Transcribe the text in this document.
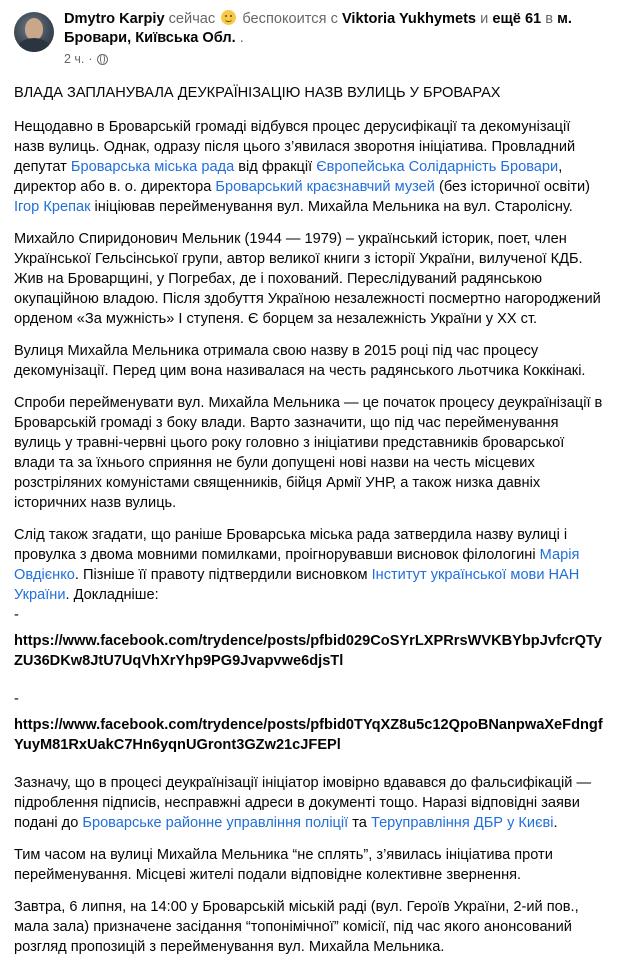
Dmytro Karpiy сейчас беспокоится с Viktoria Yukhymets и ещё 61 в м. Бровари, Київська Обл. .
2 ч. ·

ВЛАДА ЗАПЛАНУВАЛА ДЕУКРАЇНІЗАЦІЮ НАЗВ ВУЛИЦЬ У БРОВАРАХ

Нещодавно в Броварській громаді відбувся процес дерусифікації та декомунізації назв вулиць. Однак, одразу після цього з’явилася зворотня ініціатива. Провладний депутат Броварська міська рада від фракції Європейська Солідарність Бровари, директор або в. о. директора Броварський краєзнавчий музей (без історичної освіти) Ігор Крепак ініціював перейменування вул. Михайла Мельника на вул. Старолісну.

Михайло Спиридонович Мельник (1944 — 1979) – український історик, поет, член Української Гельсінської групи, автор великої книги з історії України, вилученої КДБ. Жив на Броварщині, у Погребах, де і похований. Переслідуваний радянською окупаційною владою. Після здобуття Україною незалежності посмертно нагороджений орденом «За мужність» І ступеня. Є борцем за незалежність України у ХХ ст.

Вулиця Михайла Мельника отримала свою назву в 2015 році під час процесу декомунізації. Перед цим вона називалася на честь радянського льотчика Коккінакі.

Спроби перейменувати вул. Михайла Мельника — це початок процесу деукраїнізації в Броварській громаді з боку влади. Варто зазначити, що під час перейменування вулиць у травні-червні цього року головно з ініціативи представників броварської влади та за їхнього сприяння не були допущені нові назви на честь місцевих розстріляних комуністами священників, бійця Армії УНР, а також низка давніх історичних назв вулиць.

Слід також згадати, що раніше Броварська міська рада затвердила назву вулиці і провулка з двома мовними помилками, проігнорувавши висновок філологині Марія Овдієнко. Пізніше її правоту підтвердили висновком Інститут української мови НАН України. Докладніше:

-
https://www.facebook.com/trydence/posts/pfbid029CoSYrLXPRrsWVKBYbpJvfcrQTyZU36DKw8JtU7UqVhXrYhp9PG9Jvapvwe6djsTl
-
https://www.facebook.com/trydence/posts/pfbid0TYqXZ8u5c12QpoBNanpwaXeFdngfYuyM81RxUakC7Hn6yqnUGront3GZw21cJFEPl

Зазначу, що в процесі деукраїнізації ініціатор імовірно вдавався до фальсифікацій — підроблення підписів, несправжні адреси в документі тощо. Наразі відповідні заяви подані до Броварське районне управління поліції та Теруправління ДБР у Києві.

Тим часом на вулиці Михайла Мельника “не сплять”, з’явилась ініціатива проти перейменування. Місцеві жителі подали відповідне колективне звернення.

Завтра, 6 липня, на 14:00 у Броварській міській раді (вул. Героїв України, 2-ий пов., мала зала) призначене засідання “топонімічної” комісії, під час якого анонсований розгляд пропозицій з перейменування вул. Михайла Мельника.
